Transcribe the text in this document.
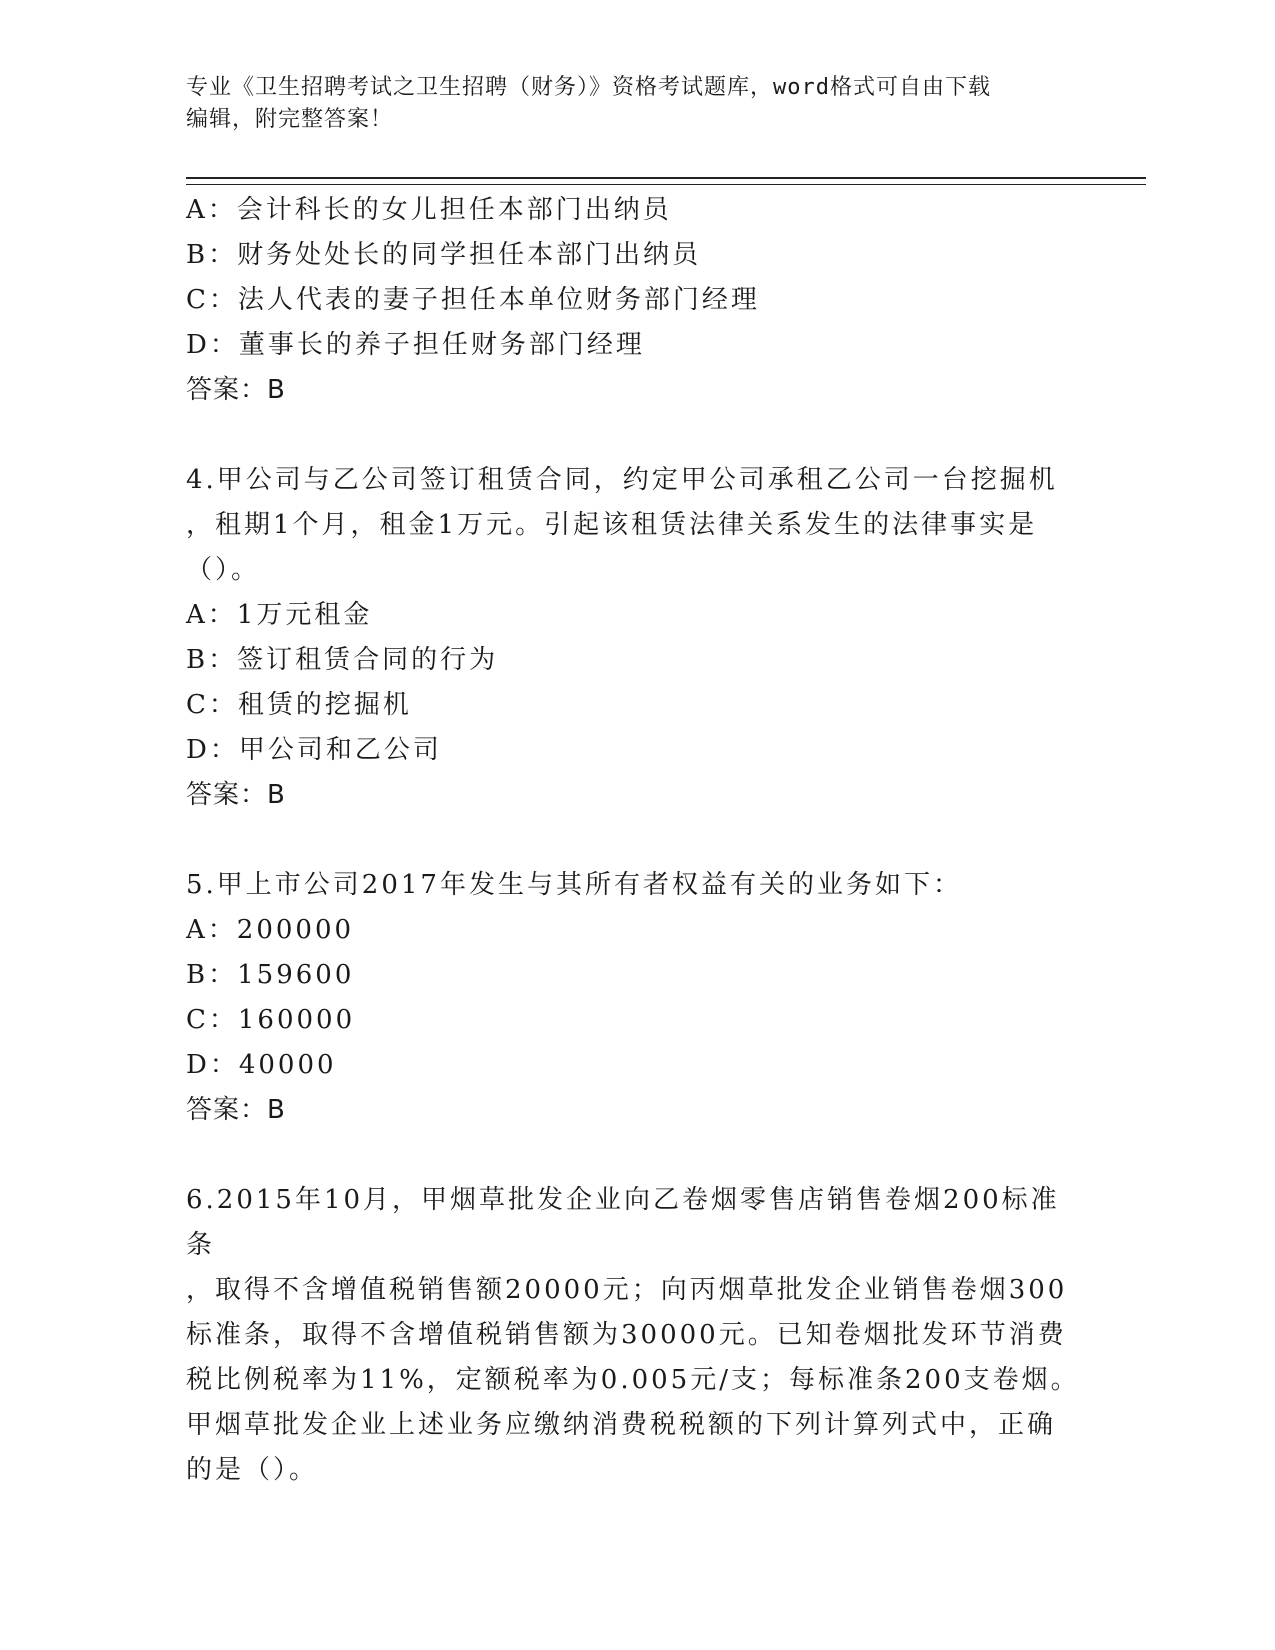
专业《卫生招聘考试之卫生招聘（财务）》资格考试题库，word格式可自由下载
编辑，附完整答案！
A：会计科长的女儿担任本部门出纳员
B：财务处处长的同学担任本部门出纳员
C：法人代表的妻子担任本单位财务部门经理
D：董事长的养子担任财务部门经理
答案：B
4.甲公司与乙公司签订租赁合同，约定甲公司承租乙公司一台挖掘机
，租期1个月，租金1万元。引起该租赁法律关系发生的法律事实是
（）。
A：1万元租金
B：签订租赁合同的行为
C：租赁的挖掘机
D：甲公司和乙公司
答案：B
5.甲上市公司2017年发生与其所有者权益有关的业务如下：
A：200000
B：159600
C：160000
D：40000
答案：B
6.2015年10月，甲烟草批发企业向乙卷烟零售店销售卷烟200标准条
，取得不含增值税销售额20000元；向丙烟草批发企业销售卷烟300
标准条，取得不含增值税销售额为30000元。已知卷烟批发环节消费
税比例税率为11%，定额税率为0.005元/支；每标准条200支卷烟。
甲烟草批发企业上述业务应缴纳消费税税额的下列计算列式中，正确
的是（）。
